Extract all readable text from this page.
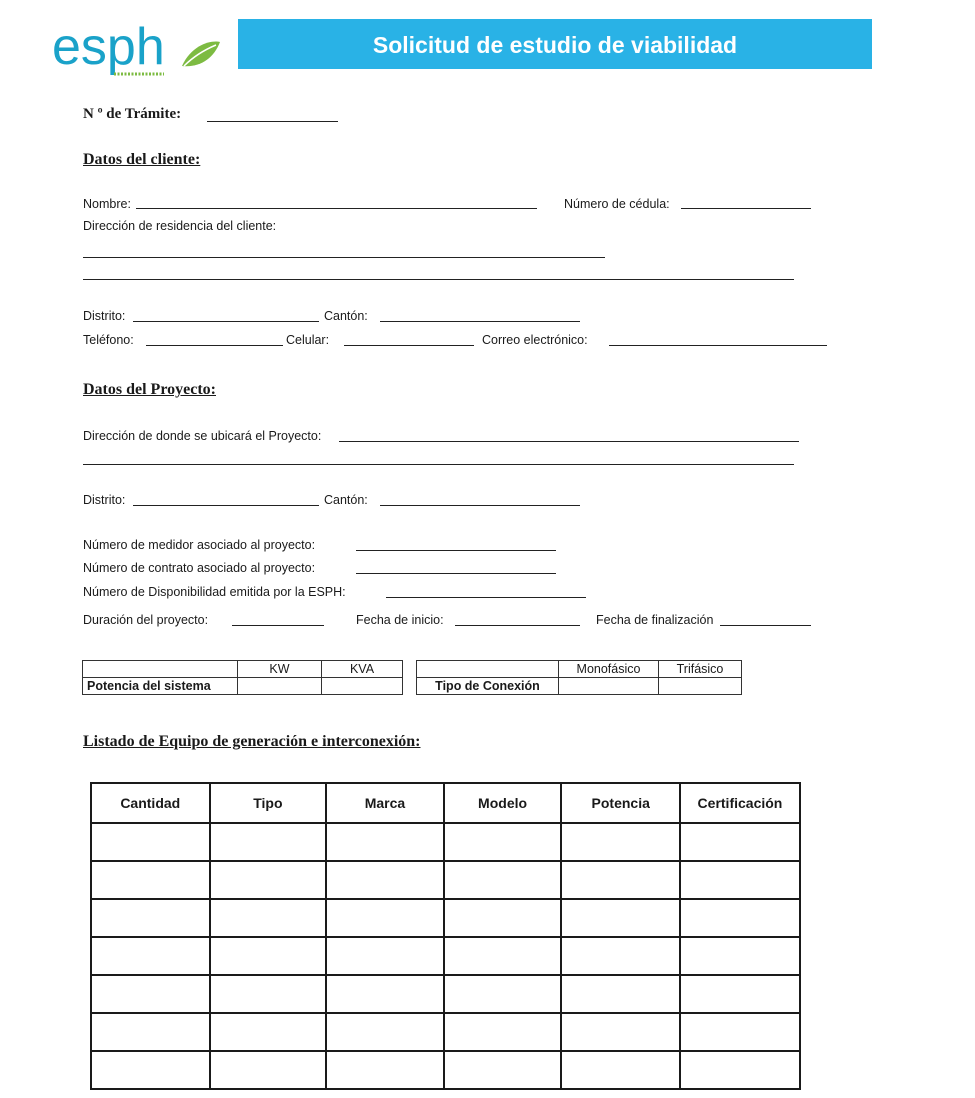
esph	Solicitud de estudio de viabilidad
N º de Trámite:
Datos del cliente:
Nombre:	Número de cédula:
Dirección de residencia del cliente:
Distrito:	Cantón:
Teléfono:	Celular:	Correo electrónico:
Datos del Proyecto:
Dirección de donde se ubicará el Proyecto:
Distrito:	Cantón:
Número de medidor asociado al proyecto:
Número de contrato asociado al proyecto:
Número de Disponibilidad emitida por la ESPH:
Duración del proyecto:	Fecha de inicio:	Fecha de finalización
	KW	KVA
Potencia del sistema		
	Monofásico	Trifásico
Tipo de Conexión		
Listado de Equipo de generación e interconexión:
Cantidad	Tipo	Marca	Modelo	Potencia	Certificación
